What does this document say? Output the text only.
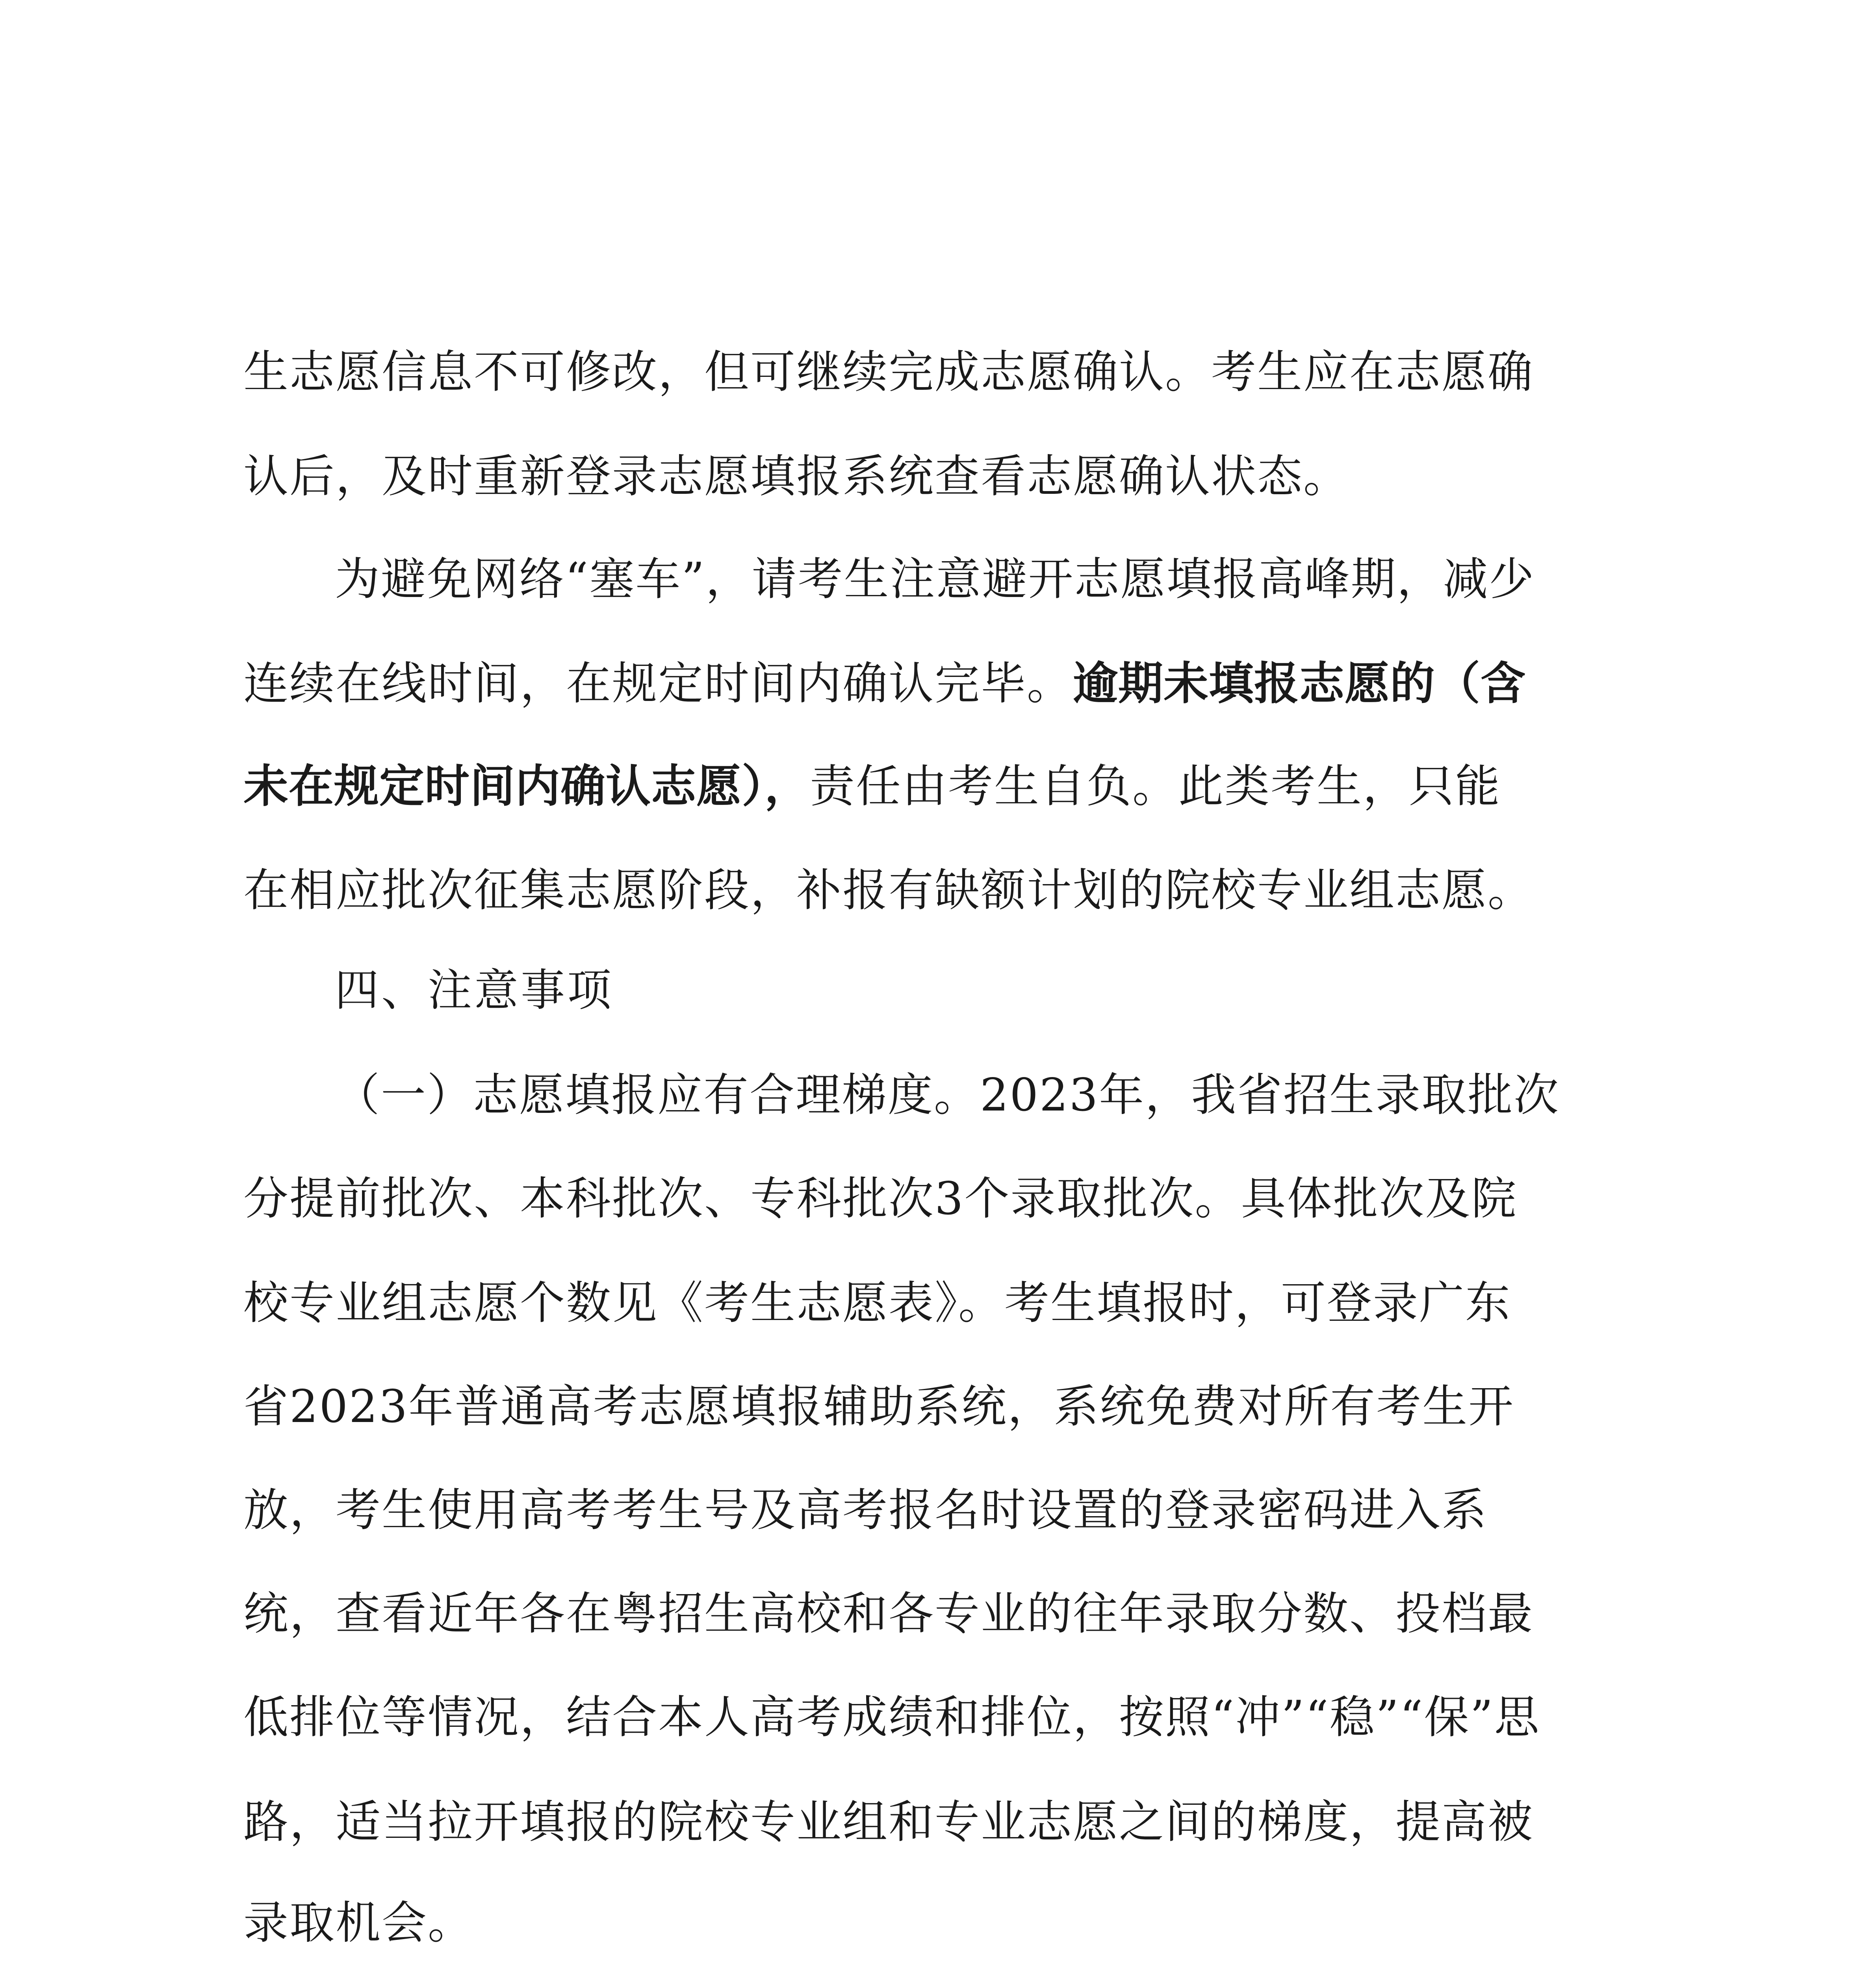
生志愿信息不可修改，但可继续完成志愿确认。考生应在志愿确
认后，及时重新登录志愿填报系统查看志愿确认状态。
为避免网络“塞车”，请考生注意避开志愿填报高峰期，减少
连续在线时间，在规定时间内确认完毕。逾期未填报志愿的（含
未在规定时间内确认志愿），责任由考生自负。此类考生，只能
在相应批次征集志愿阶段，补报有缺额计划的院校专业组志愿。
四、注意事项
（一）志愿填报应有合理梯度。2023年，我省招生录取批次
分提前批次、本科批次、专科批次3个录取批次。具体批次及院
校专业组志愿个数见《考生志愿表》。考生填报时，可登录广东
省2023年普通高考志愿填报辅助系统，系统免费对所有考生开
放，考生使用高考考生号及高考报名时设置的登录密码进入系
统，查看近年各在粤招生高校和各专业的往年录取分数、投档最
低排位等情况，结合本人高考成绩和排位，按照“冲”“稳”“保”思
路，适当拉开填报的院校专业组和专业志愿之间的梯度，提高被
录取机会。
